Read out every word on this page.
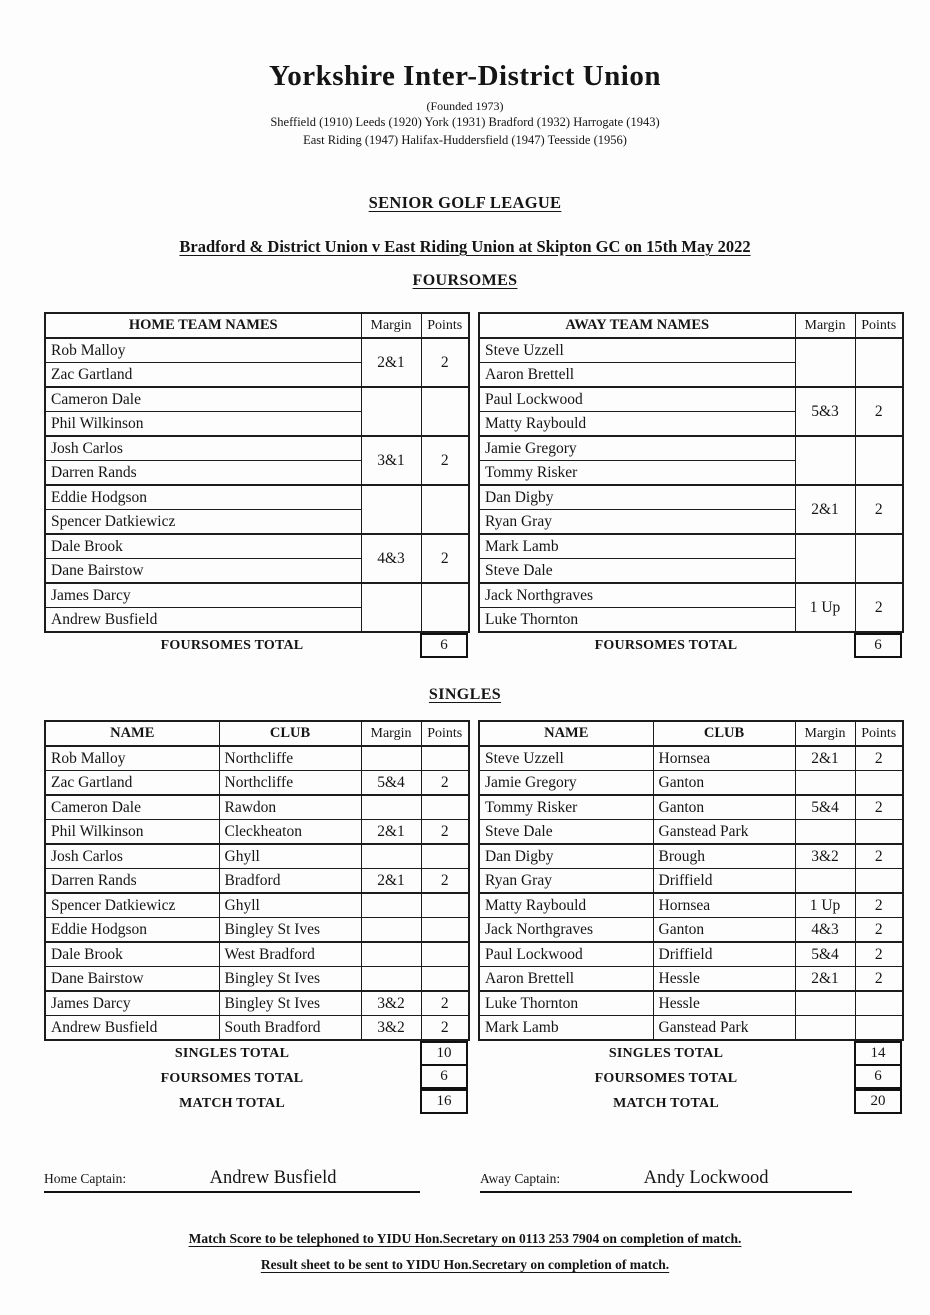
Yorkshire Inter-District Union
(Founded 1973)
Sheffield (1910) Leeds (1920) York (1931) Bradford (1932) Harrogate (1943)
East Riding (1947) Halifax-Huddersfield (1947) Teesside (1956)
SENIOR GOLF LEAGUE
Bradford & District Union v East Riding Union at Skipton GC on 15th May 2022
FOURSOMES
HOME TEAM NAMES	Margin	Points
Rob Malloy	2&1	2
Zac Gartland		
Cameron Dale		
Phil Wilkinson		
Josh Carlos	3&1	2
Darren Rands		
Eddie Hodgson		
Spencer Datkiewicz		
Dale Brook	4&3	2
Dane Bairstow		
James Darcy		
Andrew Busfield		
FOURSOMES TOTAL	6
AWAY TEAM NAMES	Margin	Points
Steve Uzzell		
Aaron Brettell		
Paul Lockwood	5&3	2
Matty Raybould		
Jamie Gregory		
Tommy Risker		
Dan Digby	2&1	2
Ryan Gray		
Mark Lamb		
Steve Dale		
Jack Northgraves	1 Up	2
Luke Thornton		
FOURSOMES TOTAL	6
SINGLES
NAME	CLUB	Margin	Points
Rob Malloy	Northcliffe		
Zac Gartland	Northcliffe	5&4	2
Cameron Dale	Rawdon		
Phil Wilkinson	Cleckheaton	2&1	2
Josh Carlos	Ghyll		
Darren Rands	Bradford	2&1	2
Spencer Datkiewicz	Ghyll		
Eddie Hodgson	Bingley St Ives		
Dale Brook	West Bradford		
Dane Bairstow	Bingley St Ives		
James Darcy	Bingley St Ives	3&2	2
Andrew Busfield	South Bradford	3&2	2
SINGLES TOTAL	10
FOURSOMES TOTAL	6
MATCH TOTAL	16
NAME	CLUB	Margin	Points
Steve Uzzell	Hornsea	2&1	2
Jamie Gregory	Ganton		
Tommy Risker	Ganton	5&4	2
Steve Dale	Ganstead Park		
Dan Digby	Brough	3&2	2
Ryan Gray	Driffield		
Matty Raybould	Hornsea	1 Up	2
Jack Northgraves	Ganton	4&3	2
Paul Lockwood	Driffield	5&4	2
Aaron Brettell	Hessle	2&1	2
Luke Thornton	Hessle		
Mark Lamb	Ganstead Park		
SINGLES TOTAL	14
FOURSOMES TOTAL	6
MATCH TOTAL	20
Home Captain:	Andrew Busfield	Away Captain:	Andy Lockwood
Match Score to be telephoned to YIDU Hon.Secretary on 0113 253 7904 on completion of match.
Result sheet to be sent to YIDU Hon.Secretary on completion of match.
